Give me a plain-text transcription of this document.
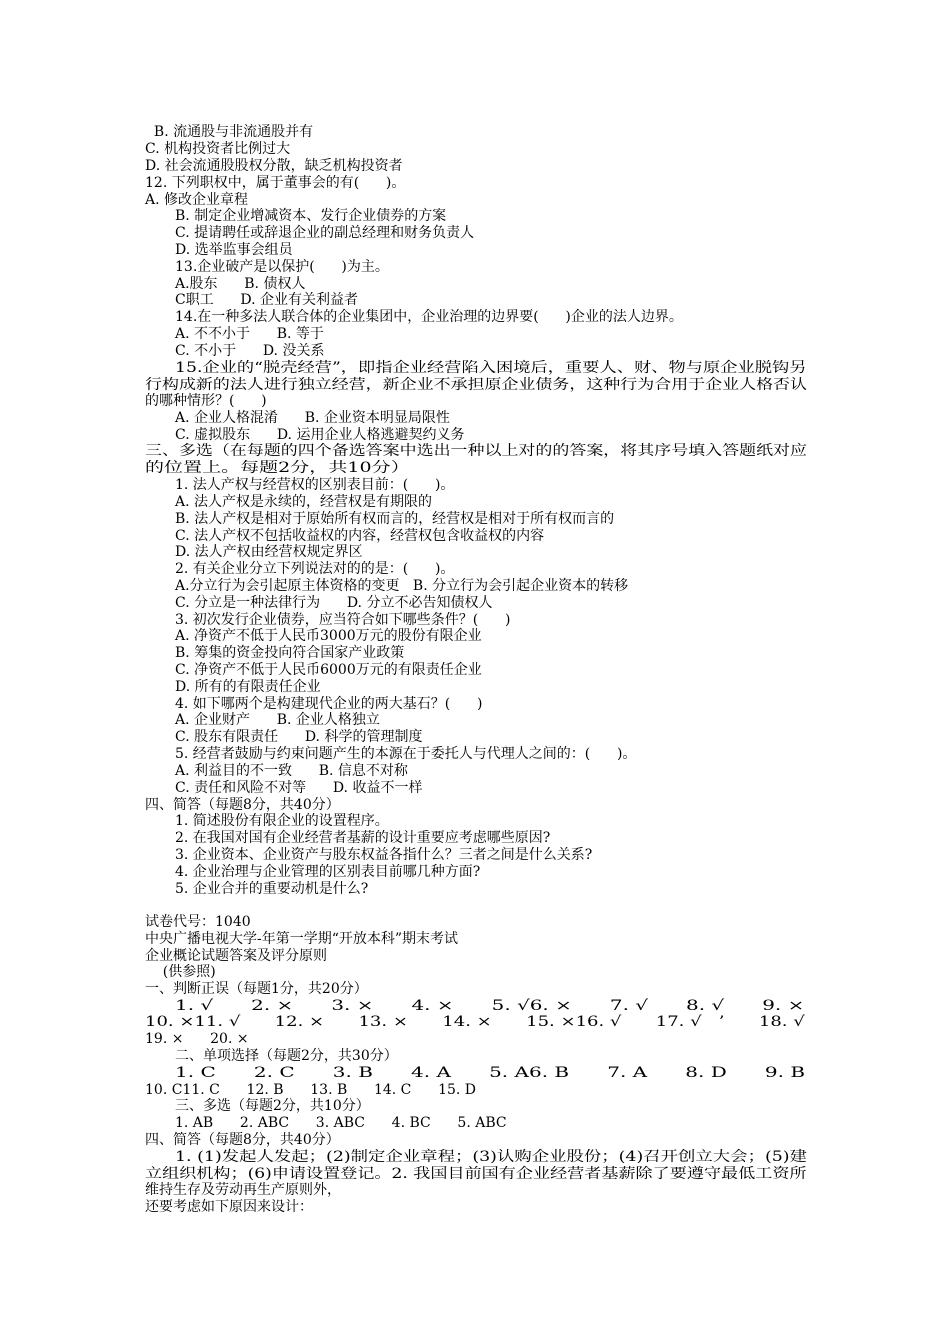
B. 流通股与非流通股并有
C. 机构投资者比例过大
D. 社会流通股股权分散，缺乏机构投资者
12. 下列职权中，属于董事会的有(      )。
A. 修改企业章程
B. 制定企业增减资本、发行企业债券的方案
C. 提请聘任或辞退企业的副总经理和财务负责人
D. 选举监事会组员
13.企业破产是以保护(      )为主。
A.股东      B. 债权人
C职工      D. 企业有关利益者
14.在一种多法人联合体的企业集团中，企业治理的边界要(      )企业的法人边界。
A. 不不小于      B. 等于
C. 不小于      D. 没关系
15.企业的“脱壳经营”，即指企业经营陷入困境后，重要人、财、物与原企业脱钩另
行构成新的法人进行独立经营，新企业不承担原企业债务，这种行为合用于企业人格否认
的哪种情形？(      )
A. 企业人格混淆      B. 企业资本明显局限性
C. 虚拟股东      D. 运用企业人格逃避契约义务
三、多选（在每题的四个备选答案中选出一种以上对的的答案，将其序号填入答题纸对应
的位置上。每题2分，共10分）
1. 法人产权与经营权的区别表目前：(      )。
A. 法人产权是永续的，经营权是有期限的
B. 法人产权是相对于原始所有权而言的，经营权是相对于所有权而言的
C. 法人产权不包括收益权的内容，经营权包含收益权的内容
D. 法人产权由经营权规定界区
2. 有关企业分立下列说法对的的是：(      )。
A.分立行为会引起原主体资格的变更   B. 分立行为会引起企业资本的转移
C. 分立是一种法律行为      D. 分立不必告知债权人
3. 初次发行企业债券，应当符合如下哪些条件？(      )
A. 净资产不低于人民币3000万元的股份有限企业
B. 筹集的资金投向符合国家产业政策
C. 净资产不低于人民币6000万元的有限责任企业
D. 所有的有限责任企业
4. 如下哪两个是构建现代企业的两大基石？(      )
A. 企业财产      B. 企业人格独立
C. 股东有限责任      D. 科学的管理制度
5. 经营者鼓励与约束问题产生的本源在于委托人与代理人之间的：(      )。
A. 利益目的不一致      B. 信息不对称
C. 责任和风险不对等      D. 收益不一样
四、简答（每题8分，共40分）
1. 简述股份有限企业的设置程序。
2. 在我国对国有企业经营者基薪的设计重要应考虑哪些原因?
3. 企业资本、企业资产与股东权益各指什么？三者之间是什么关系?
4. 企业治理与企业管理的区别表目前哪几种方面?
5. 企业合并的重要动机是什么?
试卷代号：1040
中央广播电视大学-年第一学期“开放本科”期末考试
企业概论试题答案及评分原则
(供参照)
一、判断正误（每题1分，共20分）
1. √      2. ×      3. ×      4. ×      5. √6. ×      7. √      8. √      9. ×
10. ×11. √      12. ×      13. ×      14. ×      15. ×16. √      17. √   ’      18. √
19. ×      20. ×
二、单项选择（每题2分，共30分）
1. C      2. C      3. B      4. A      5. A6. B      7. A      8. D      9. B
10. C11. C      12. B      13. B      14. C      15. D
三、多选（每题2分，共10分）
1. AB      2. ABC      3. ABC      4. BC      5. ABC
四、简答（每题8分，共40分）
1. (1)发起人发起；(2)制定企业章程；(3)认购企业股份；(4)召开创立大会；(5)建
立组织机构；(6)申请设置登记。2. 我国目前国有企业经营者基薪除了要遵守最低工资所
维持生存及劳动再生产原则外，
还要考虑如下原因来设计：
